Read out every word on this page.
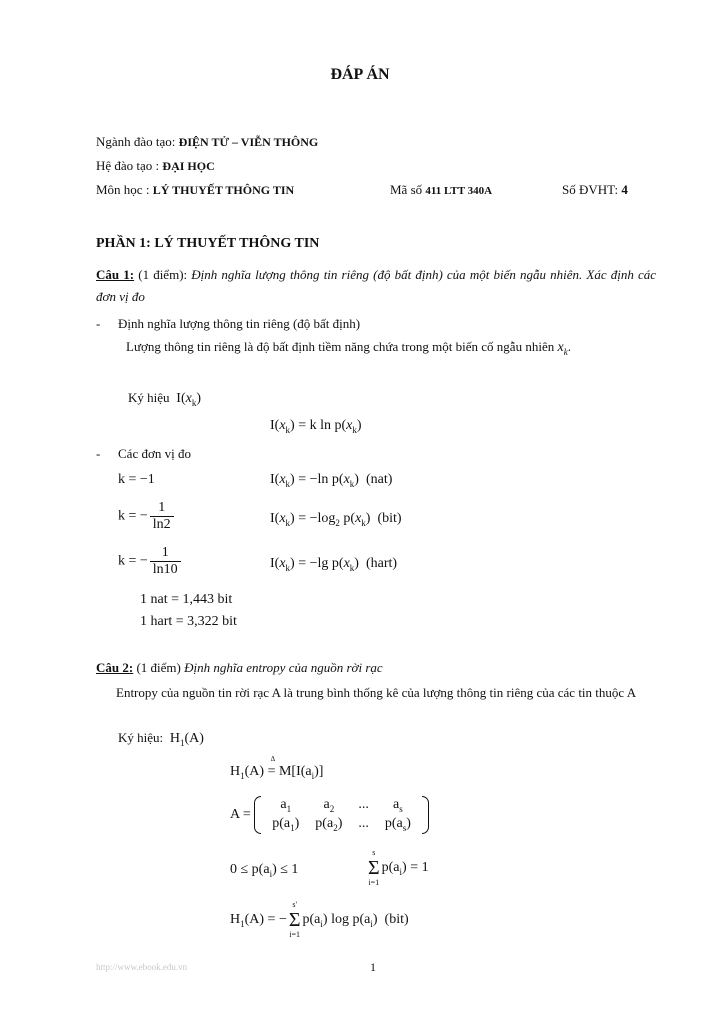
ĐÁP ÁN
Ngành đào tạo: ĐIỆN TỬ – VIỄN THÔNG
Hệ đào tạo : ĐẠI HỌC
Môn học : LÝ THUYẾT THÔNG TIN	Mã số 411 LTT 340A	Số ĐVHT: 4
PHẦN 1: LÝ THUYẾT THÔNG TIN
Câu 1: (1 điểm): Định nghĩa lượng thông tin riêng (độ bất định) của một biến ngẫu nhiên. Xác định các đơn vị đo
- Định nghĩa lượng thông tin riêng (độ bất định)
Lượng thông tin riêng là độ bất định tiềm năng chứa trong một biến cố ngẫu nhiên $x_k$.
Ký hiệu  $I(x_k)$
$I(x_k) = k$ $\ln p(x_k)$
- Các đơn vị đo
k = −1	$I(x_k) = -\ln$ $p(x_k)$  (nat)
k = − $\frac{1}{\ln 2}$	$I(x_k) = -\log_2$ $p(x_k)$  (bit)
k = − $\frac{1}{\ln 10}$	$I(x_k) = -\lg$ $p(x_k)$  (hart)
1 nat = 1,443 bit
1 hart = 3,322 bit
Câu 2: (1 điểm) Định nghĩa entropy của nguồn rời rạc
Entropy của nguồn tin rời rạc A là trung bình thống kê của lượng thông tin riêng của các tin thuộc A
Ký hiệu:  $H_1(A)$
$H_1(A)$ =
Δ
$M[I(a_i)]$
A =
$a_1$	$a_2$	...	$a_s$
$p(a_1)$	$p(a_2)$	...	$p(a_s)$
$0 \le p(a_i) \le 1$
s
Σ
i=1
$p(a_i) = 1$
$H_1(A)$ = −
s'
Σ
i=1
$p(a_i)$ $\log p(a_i)$  (bit)
http://www.ebook.edu.vn	1
